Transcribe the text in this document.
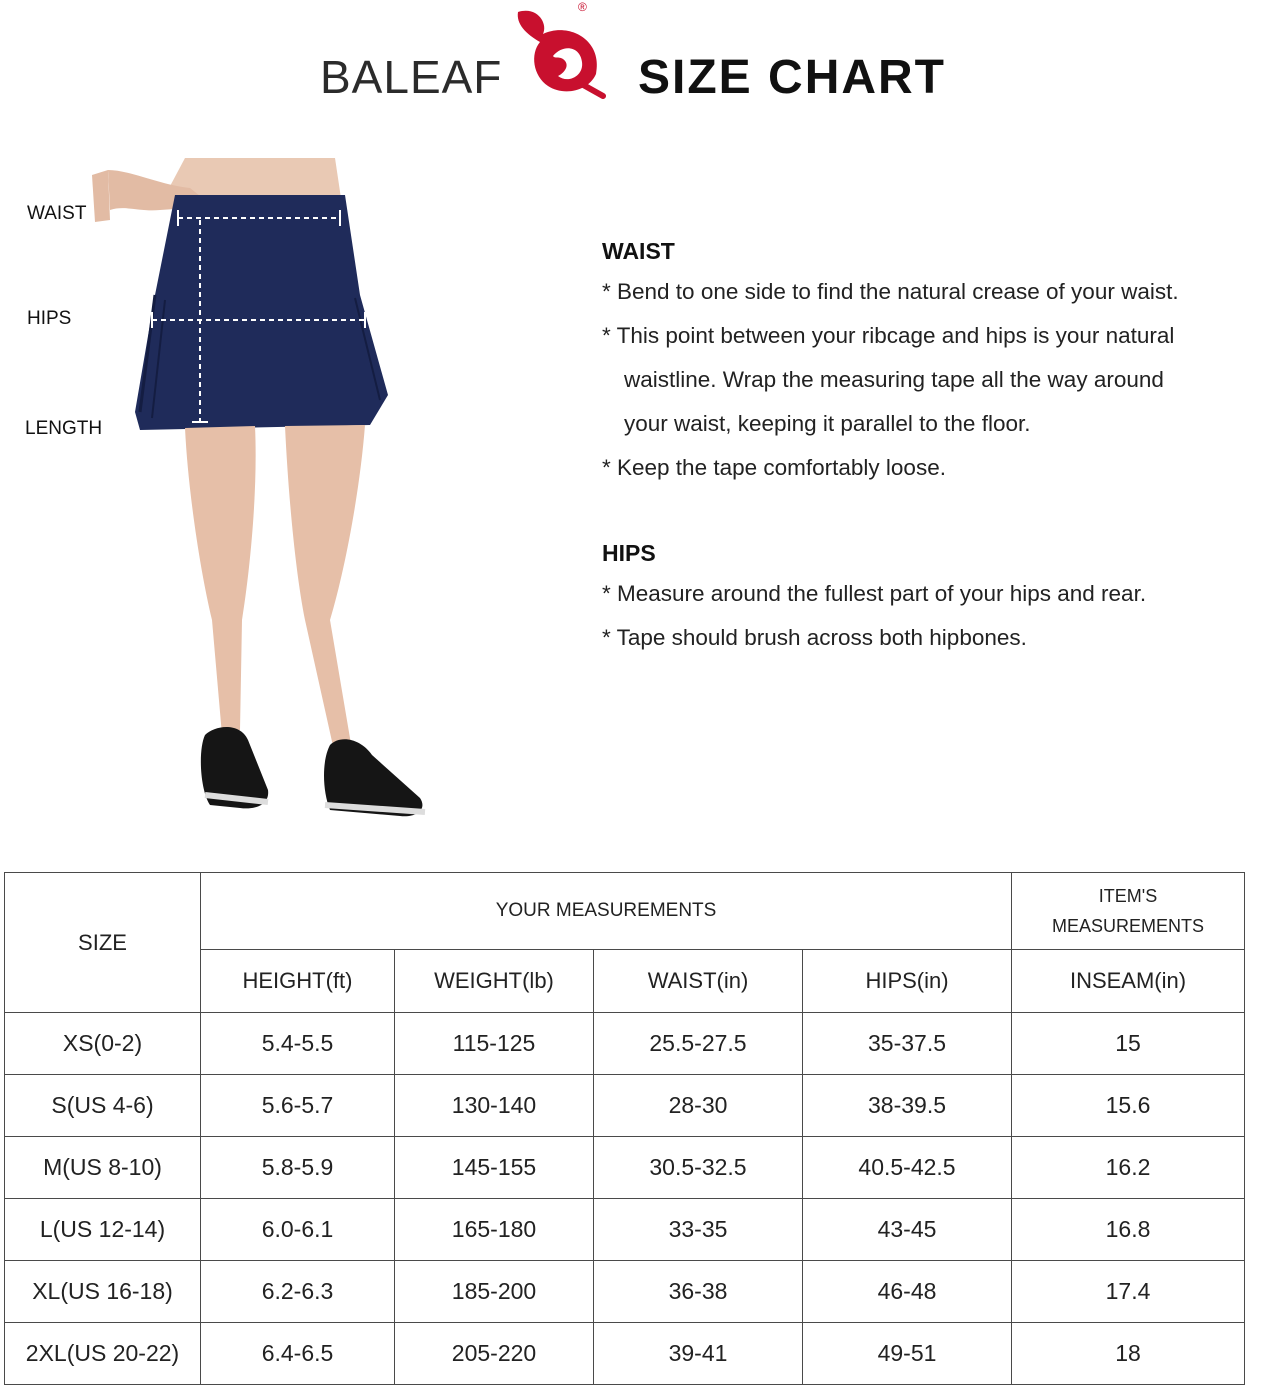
BALEAF
®
SIZE CHART
WAIST
HIPS
LENGTH

WAIST

* Bend to one side to find the natural crease of your waist.

* This point between your ribcage and hips is your natural

waistline. Wrap the measuring tape all the way around

your waist, keeping it parallel to the floor.

* Keep the tape comfortably loose.

HIPS

* Measure around the fullest part of your hips and rear.

* Tape should brush across both hipbones.

SIZE	YOUR MEASUREMENTS				ITEM'S
MEASUREMENTS

	HEIGHT(ft)	WEIGHT(lb)	WAIST(in)	HIPS(in)	INSEAM(in)
XS(0-2)	5.4-5.5	115-125	25.5-27.5	35-37.5	15
S(US 4-6)	5.6-5.7	130-140	28-30	38-39.5	15.6
M(US 8-10)	5.8-5.9	145-155	30.5-32.5	40.5-42.5	16.2
L(US 12-14)	6.0-6.1	165-180	33-35	43-45	16.8
XL(US 16-18)	6.2-6.3	185-200	36-38	46-48	17.4
2XL(US 20-22)	6.4-6.5	205-220	39-41	49-51	18
